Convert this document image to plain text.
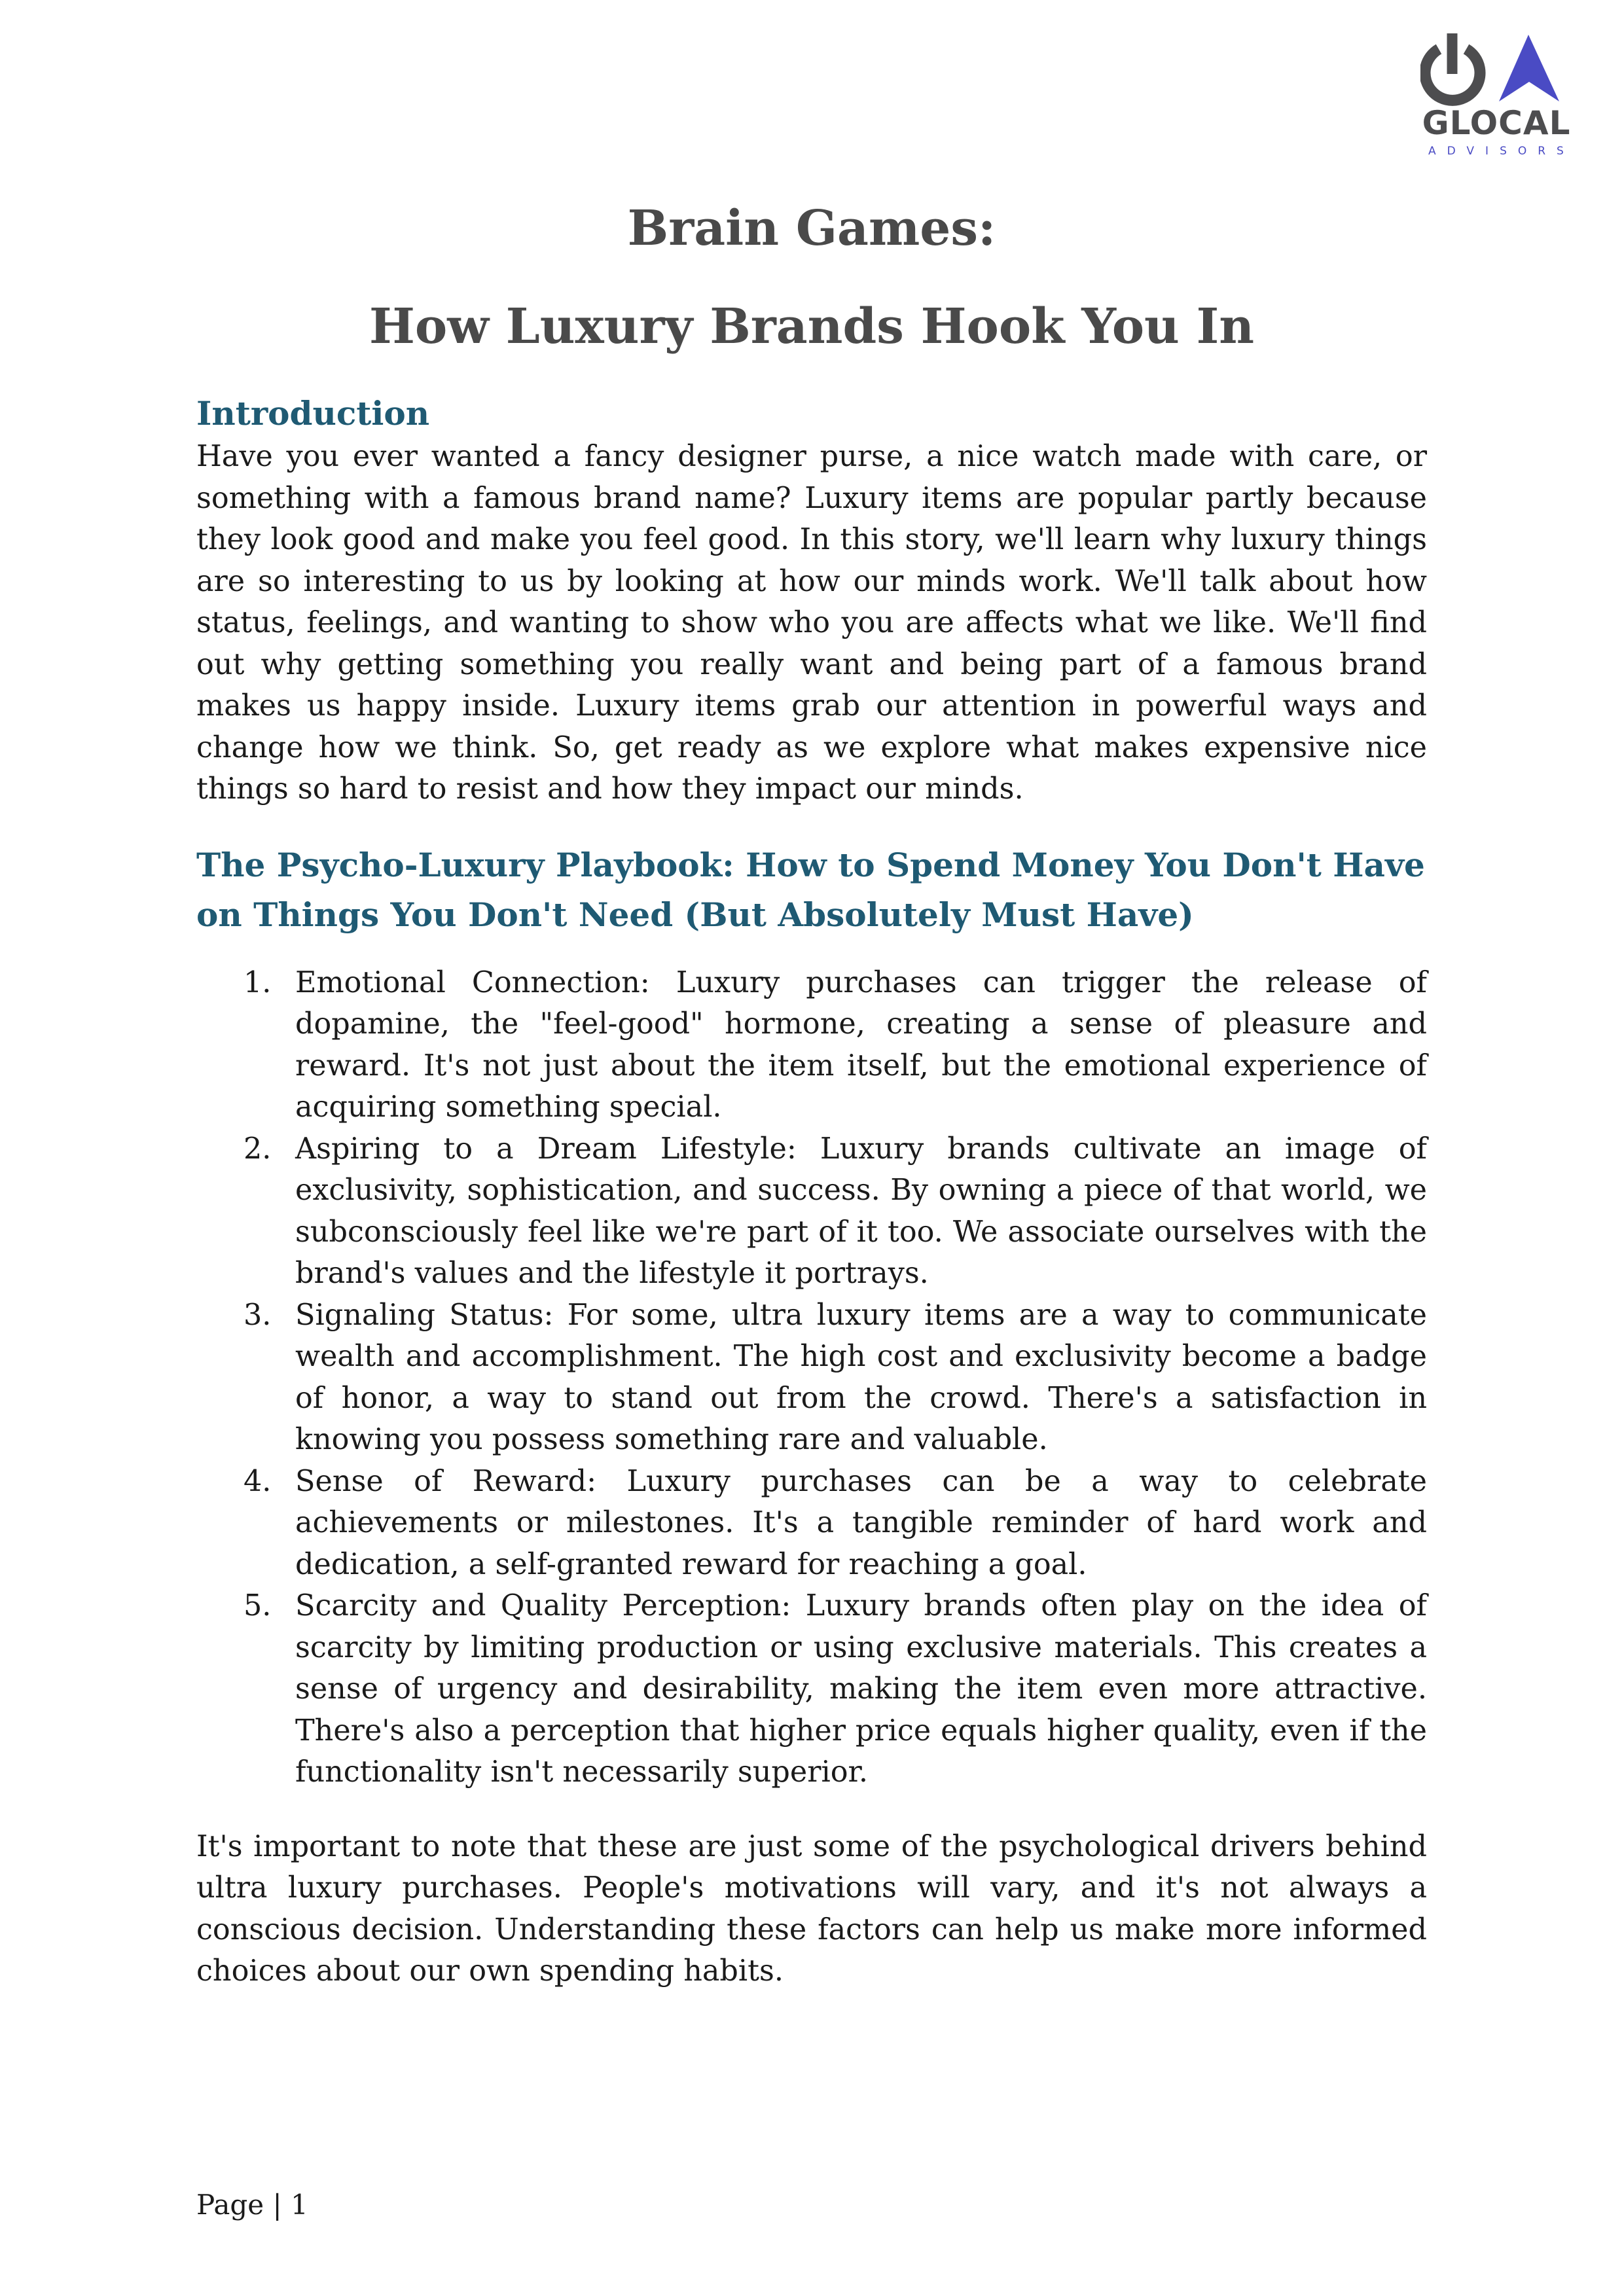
GLOCAL
ADVISORS
Brain Games:
How Luxury Brands Hook You In
Introduction

Have you ever wanted a fancy designer purse, a nice watch made with care, or something with a famous brand name? Luxury items are popular partly because they look good and make you feel good. In this story, we'll learn why luxury things are so interesting to us by looking at how our minds work. We'll talk about how status, feelings, and wanting to show who you are affects what we like. We'll find out why getting something you really want and being part of a famous brand makes us happy inside. Luxury items grab our attention in powerful ways and change how we think. So, get ready as we explore what makes expensive nice things so hard to resist and how they impact our minds.

The Psycho-Luxury Playbook: How to Spend Money You Don't Have on Things You Don't Need (But Absolutely Must Have)
1. Emotional Connection: Luxury purchases can trigger the release of dopamine, the "feel-good" hormone, creating a sense of pleasure and reward. It's not just about the item itself, but the emotional experience of acquiring something special.
2. Aspiring to a Dream Lifestyle: Luxury brands cultivate an image of exclusivity, sophistication, and success. By owning a piece of that world, we subconsciously feel like we're part of it too. We associate ourselves with the brand's values and the lifestyle it portrays.
3. Signaling Status: For some, ultra luxury items are a way to communicate wealth and accomplishment. The high cost and exclusivity become a badge of honor, a way to stand out from the crowd. There's a satisfaction in knowing you possess something rare and valuable.
4. Sense of Reward: Luxury purchases can be a way to celebrate achievements or milestones. It's a tangible reminder of hard work and dedication, a self-granted reward for reaching a goal.
5. Scarcity and Quality Perception: Luxury brands often play on the idea of scarcity by limiting production or using exclusive materials. This creates a sense of urgency and desirability, making the item even more attractive. There's also a perception that higher price equals higher quality, even if the functionality isn't necessarily superior.

It's important to note that these are just some of the psychological drivers behind ultra luxury purchases. People's motivations will vary, and it's not always a conscious decision. Understanding these factors can help us make more informed choices about our own spending habits.

Page | 1
